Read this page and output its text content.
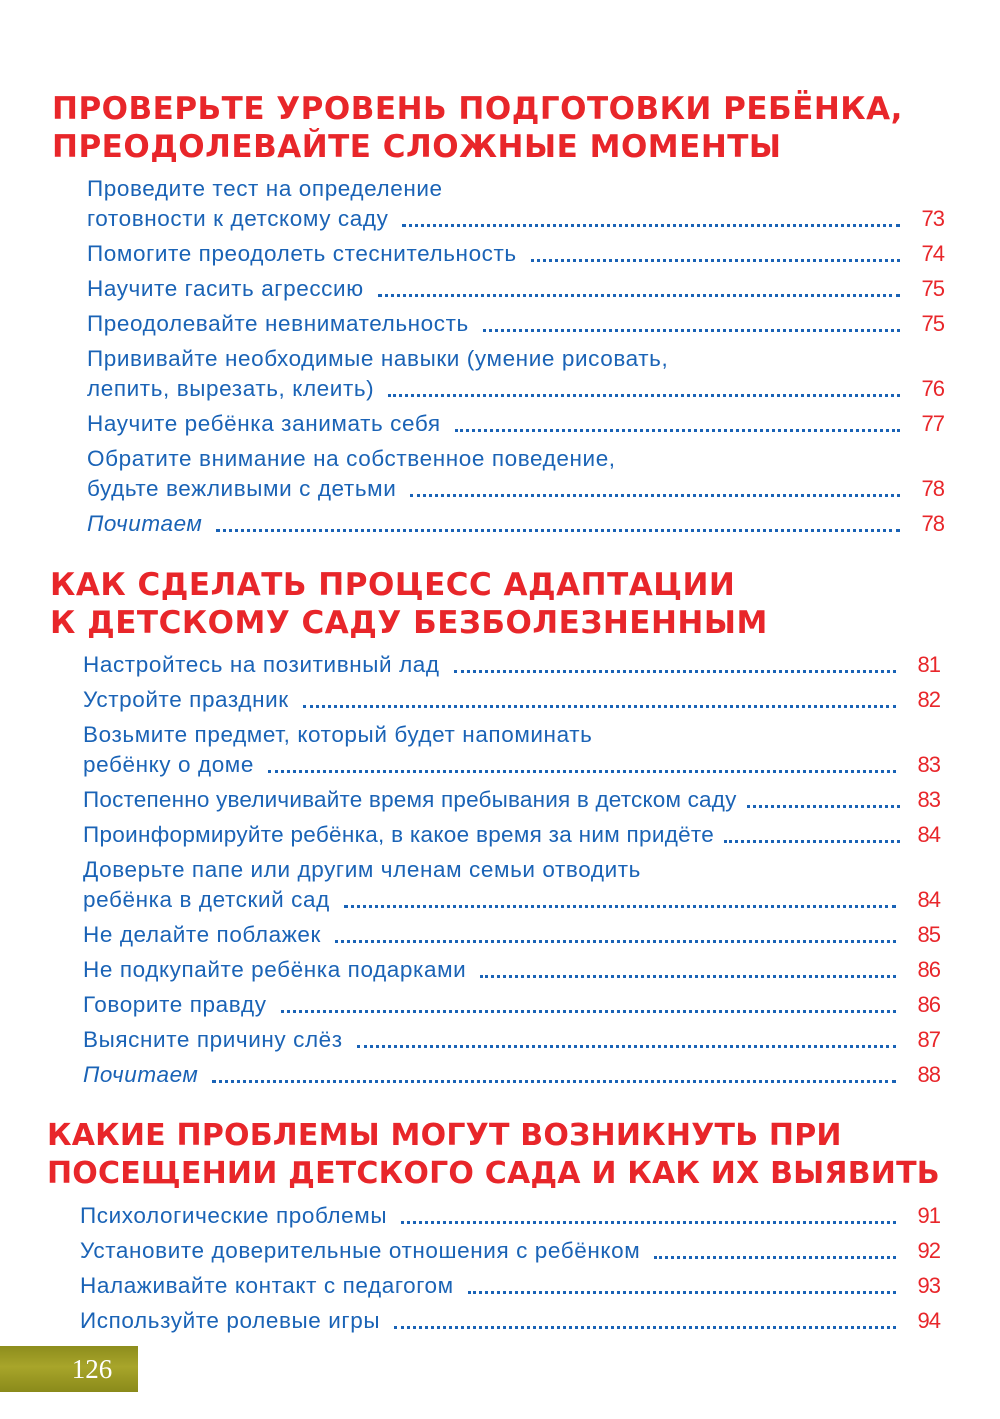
ПРОВЕРЬТЕ УРОВЕНЬ ПОДГОТОВКИ РЕБЁНКА,
ПРЕОДОЛЕВАЙТЕ СЛОЖНЫЕ МОМЕНТЫ
Проведите тест на определение
готовности к детскому саду	73
Помогите преодолеть стеснительность	74
Научите гасить агрессию	75
Преодолевайте невнимательность	75
Прививайте необходимые навыки (умение рисовать,
лепить, вырезать, клеить)	76
Научите ребёнка занимать себя	77
Обратите внимание на собственное поведение,
будьте вежливыми с детьми	78
Почитаем	78
КАК СДЕЛАТЬ ПРОЦЕСС АДАПТАЦИИ
К ДЕТСКОМУ САДУ БЕЗБОЛЕЗНЕННЫМ
Настройтесь на позитивный лад	81
Устройте праздник	82
Возьмите предмет, который будет напоминать
ребёнку о доме	83
Постепенно увеличивайте время пребывания в детском саду	83
Проинформируйте ребёнка, в какое время за ним придёте	84
Доверьте папе или другим членам семьи отводить
ребёнка в детский сад	84
Не делайте поблажек	85
Не подкупайте ребёнка подарками	86
Говорите правду	86
Выясните причину слёз	87
Почитаем	88
КАКИЕ ПРОБЛЕМЫ МОГУТ ВОЗНИКНУТЬ ПРИ
ПОСЕЩЕНИИ ДЕТСКОГО САДА И КАК ИХ ВЫЯВИТЬ
Психологические проблемы	91
Установите доверительные отношения с ребёнком	92
Налаживайте контакт с педагогом	93
Используйте ролевые игры	94
126
